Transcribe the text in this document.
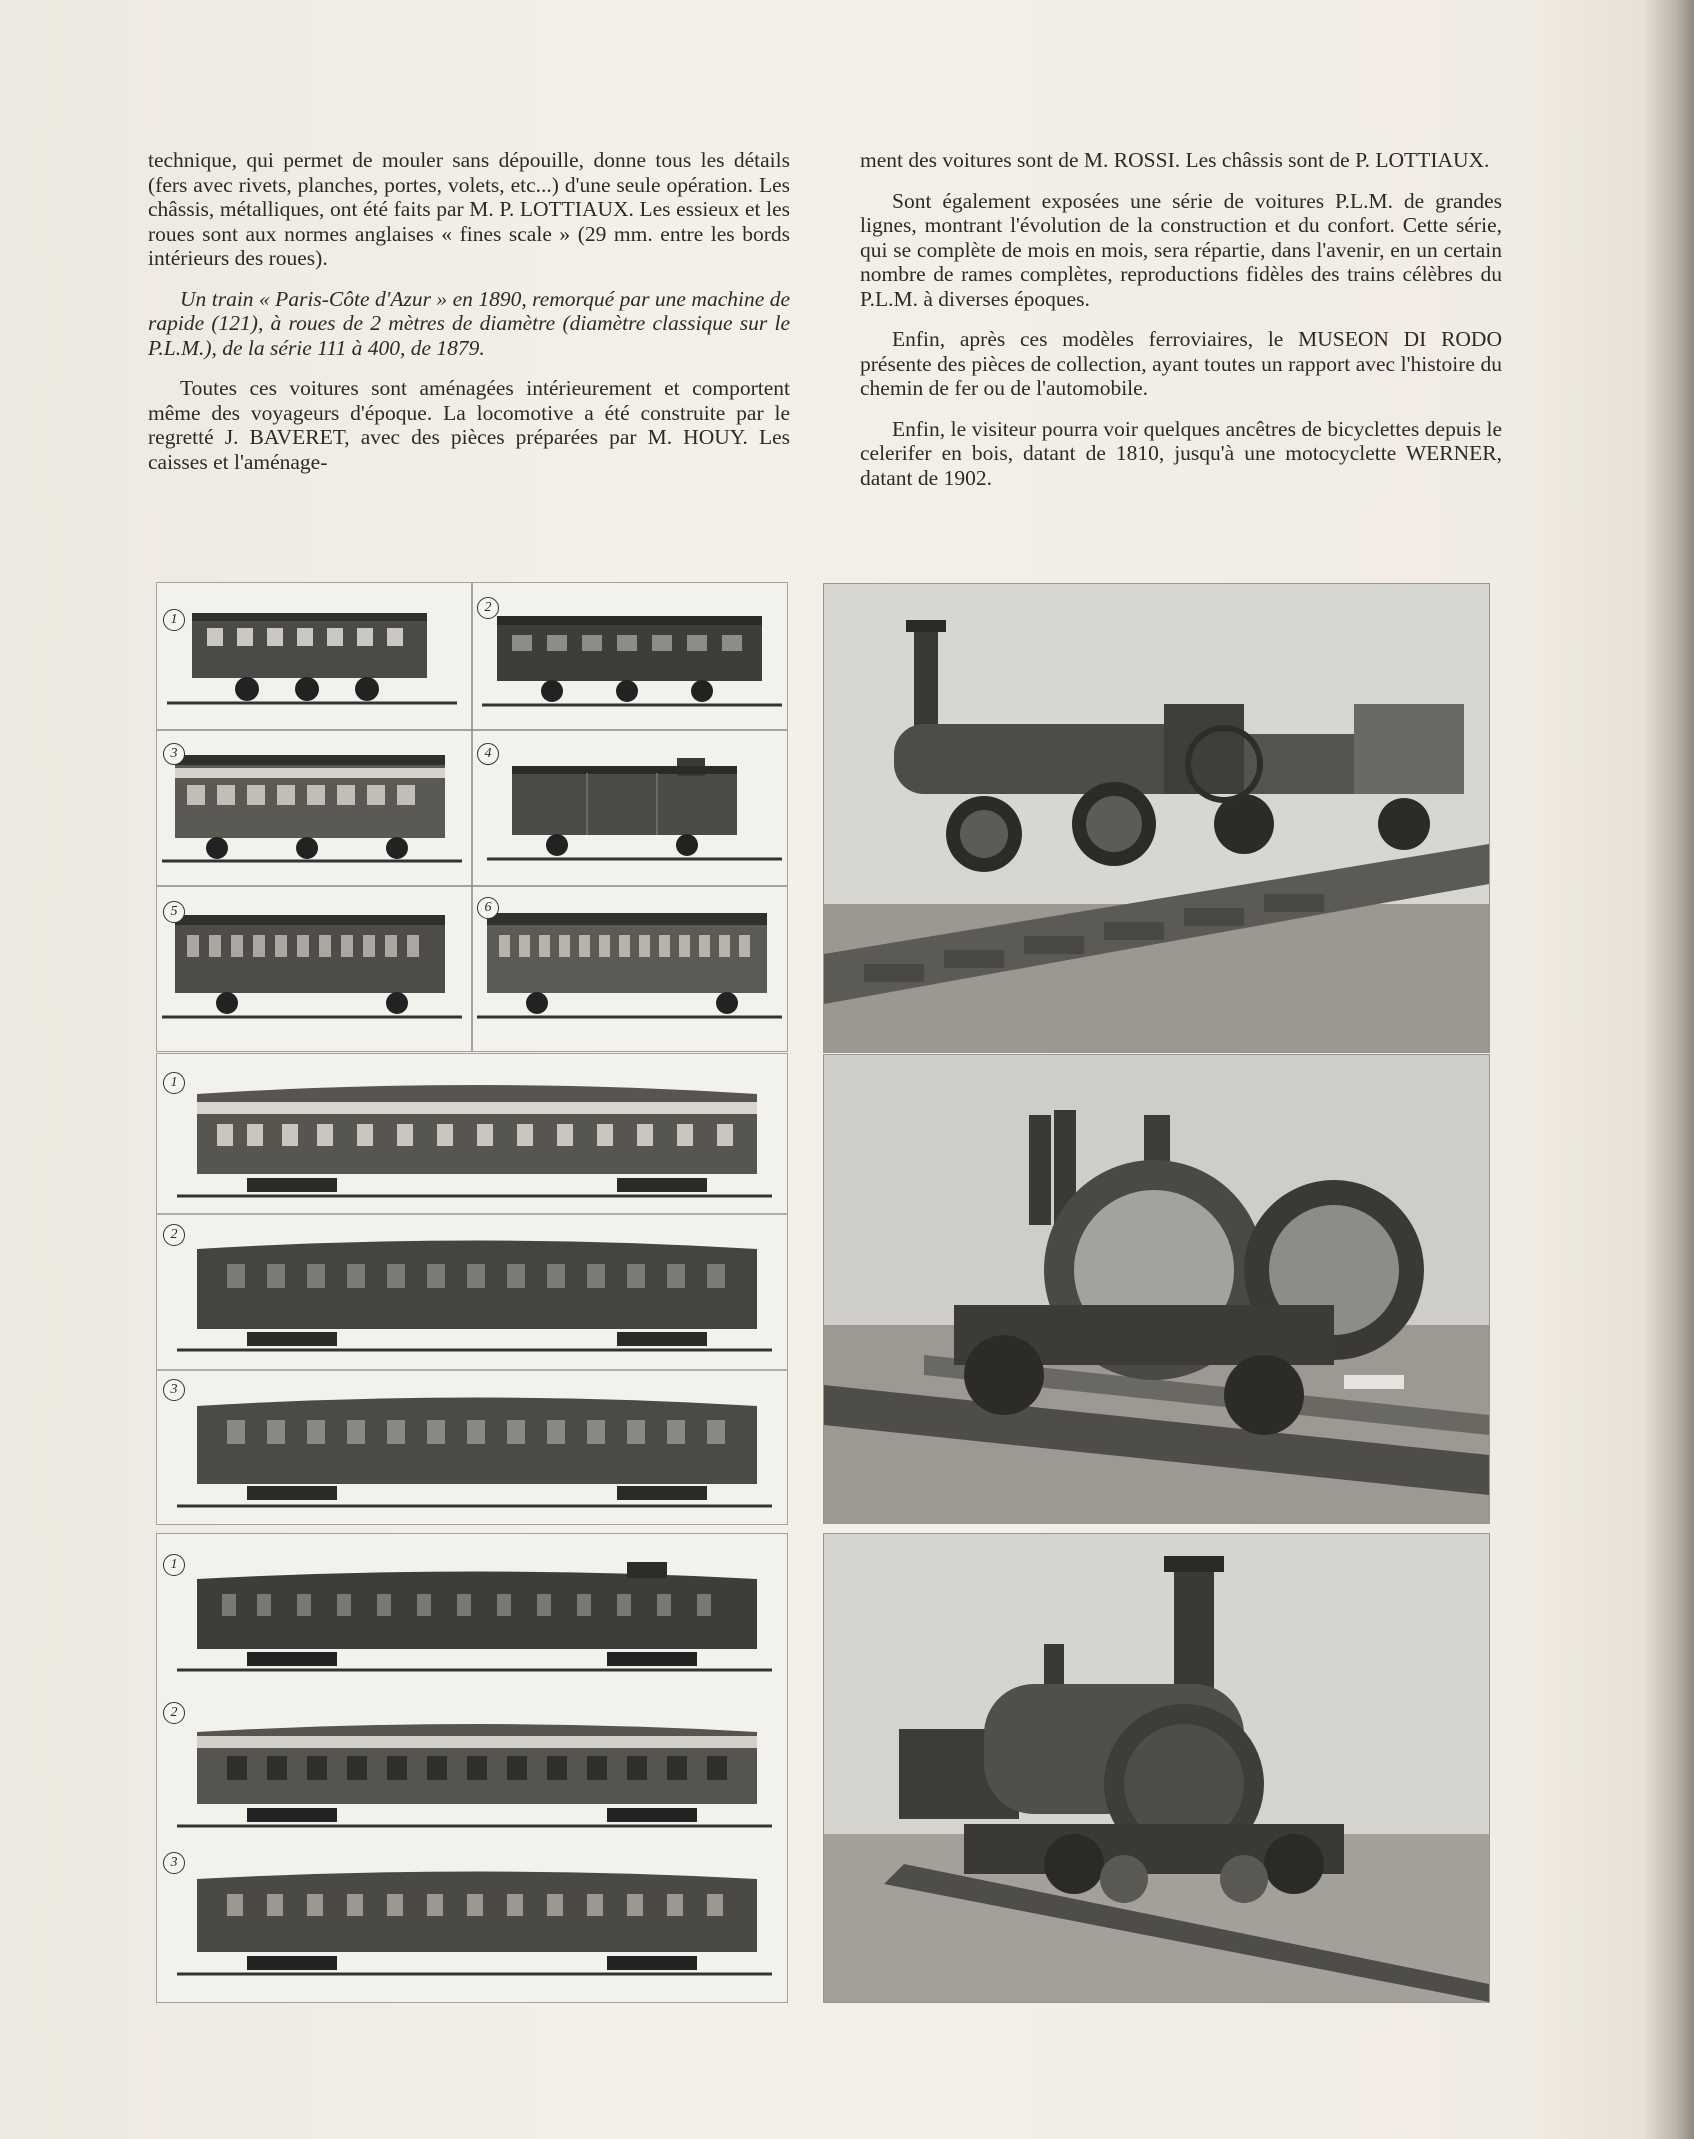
technique, qui permet de mouler sans dépouille, donne tous les détails (fers avec rivets, planches, portes, volets, etc...) d'une seule opération. Les châssis, métalliques, ont été faits par M. P. LOTTIAUX. Les essieux et les roues sont aux normes anglaises « fines scale » (29 mm. entre les bords intérieurs des roues).

Un train « Paris-Côte d'Azur » en 1890, remorqué par une machine de rapide (121), à roues de 2 mètres de diamètre (diamètre classique sur le P.L.M.), de la série 111 à 400, de 1879.

Toutes ces voitures sont aménagées intérieurement et comportent même des voyageurs d'époque. La locomotive a été construite par le regretté J. BAVERET, avec des pièces préparées par M. HOUY. Les caisses et l'aménage-

ment des voitures sont de M. ROSSI. Les châssis sont de P. LOTTIAUX.

Sont également exposées une série de voitures P.L.M. de grandes lignes, montrant l'évolution de la construction et du confort. Cette série, qui se complète de mois en mois, sera répartie, dans l'avenir, en un certain nombre de rames complètes, reproductions fidèles des trains célèbres du P.L.M. à diverses époques.

Enfin, après ces modèles ferroviaires, le MUSEON DI RODO présente des pièces de collection, ayant toutes un rapport avec l'histoire du chemin de fer ou de l'automobile.

Enfin, le visiteur pourra voir quelques ancêtres de bicyclettes depuis le celerifer en bois, datant de 1810, jusqu'à une motocyclette WERNER, datant de 1902.

1
2
3	4
5	6
1
2
3
1
2
3
